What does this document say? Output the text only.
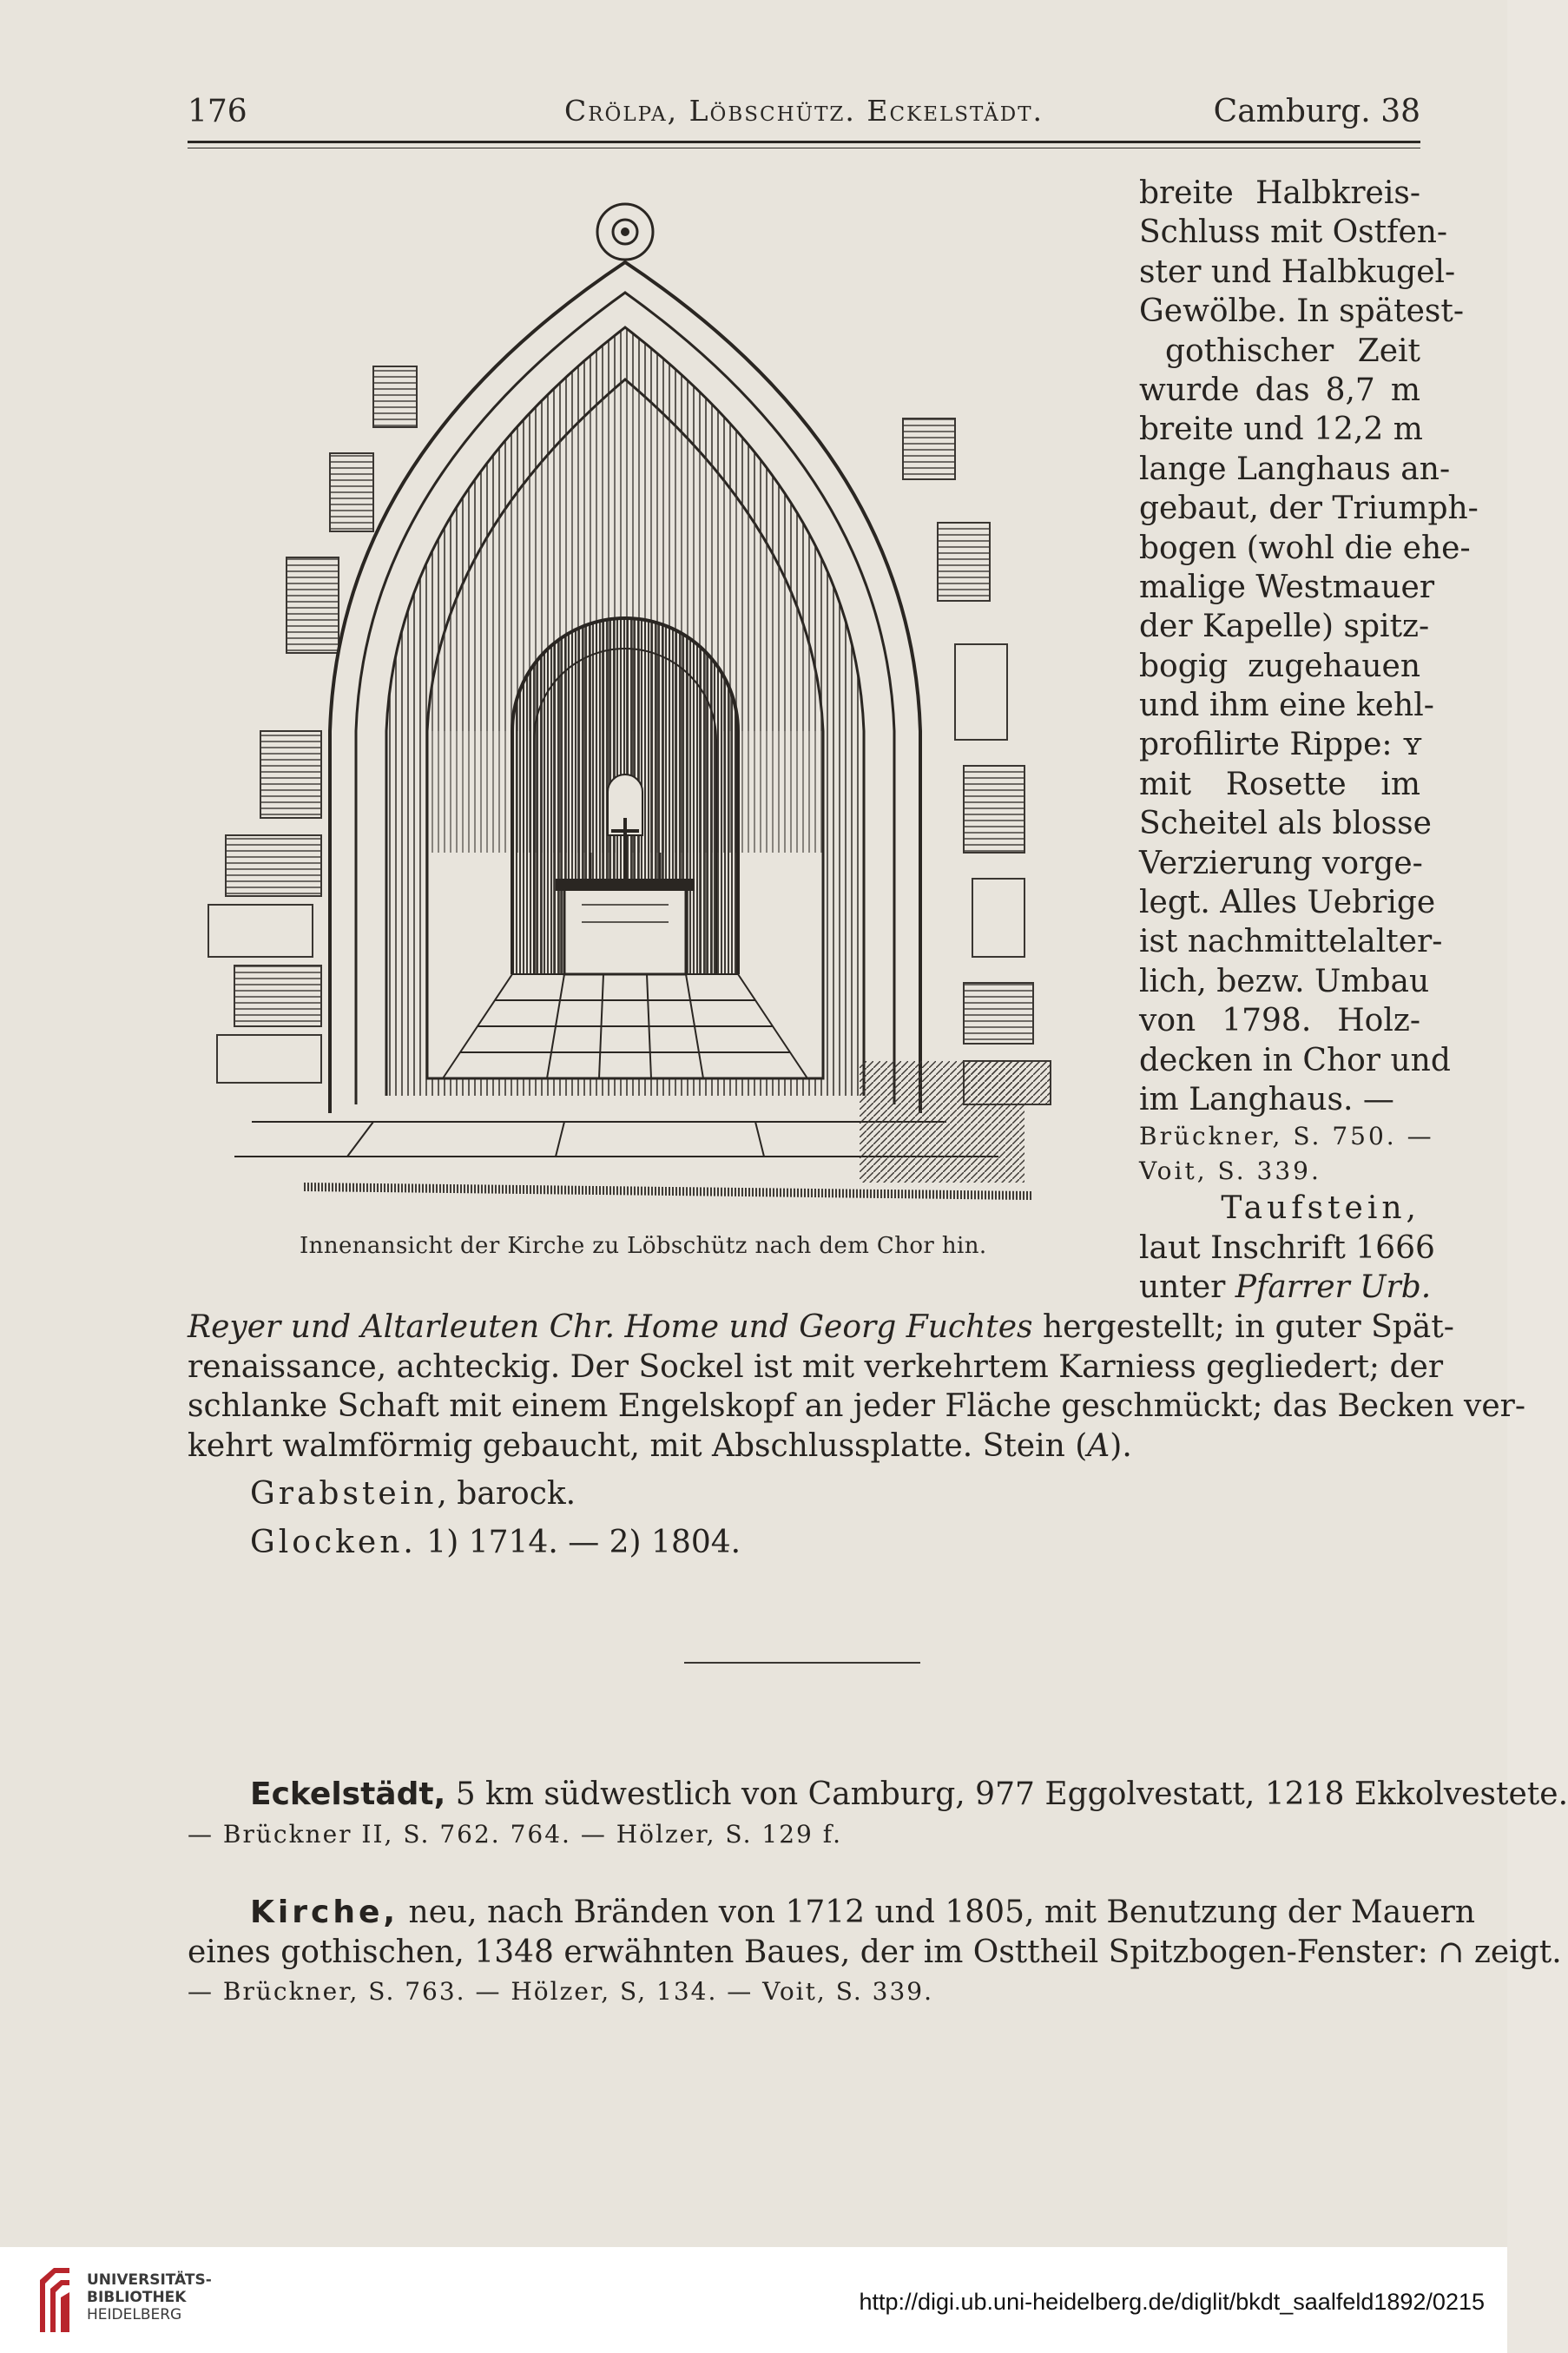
176	Crölpa, Löbschütz. Eckelstädt.	Camburg. 38
Innenansicht der Kirche zu Löbschütz nach dem Chor hin.
breite Halbkreis-
Schluss mit Ostfen-
ster und Halbkugel-
Gewölbe. In spätest-
gothischer Zeit
wurde das 8,7 m
breite und 12,2 m
lange Langhaus an-
gebaut, der Triumph-
bogen (wohl die ehe-
malige Westmauer
der Kapelle) spitz-
bogig zugehauen
und ihm eine kehl-
profilirte Rippe: ʏ
mit Rosette im
Scheitel als blosse
Verzierung vorge-
legt. Alles Uebrige
ist nachmittelalter-
lich, bezw. Umbau
von 1798. Holz-
decken in Chor und
im Langhaus. —
Brückner, S. 750. —
Voit, S. 339.
Taufstein,
laut Inschrift 1666
unter Pfarrer Urb.
Reyer und Altarleuten Chr. Home und Georg Fuchtes hergestellt; in guter Spät-
renaissance, achteckig. Der Sockel ist mit verkehrtem Karniess gegliedert; der
schlanke Schaft mit einem Engelskopf an jeder Fläche geschmückt; das Becken ver-
kehrt walmförmig gebaucht, mit Abschlussplatte. Stein (A).
Grabstein, barock.
Glocken. 1) 1714. — 2) 1804.
Eckelstädt, 5 km südwestlich von Camburg, 977 Eggolvestatt, 1218 Ekkolvestete.
— Brückner II, S. 762. 764. — Hölzer, S. 129 f.
Kirche, neu, nach Bränden von 1712 und 1805, mit Benutzung der Mauern
eines gothischen, 1348 erwähnten Baues, der im Osttheil Spitzbogen-Fenster: ∩ zeigt.
— Brückner, S. 763. — Hölzer, S, 134. — Voit, S. 339.
UNIVERSITÄTS-
BIBLIOTHEK
HEIDELBERG	http://digi.ub.uni-heidelberg.de/diglit/bkdt_saalfeld1892/0215
